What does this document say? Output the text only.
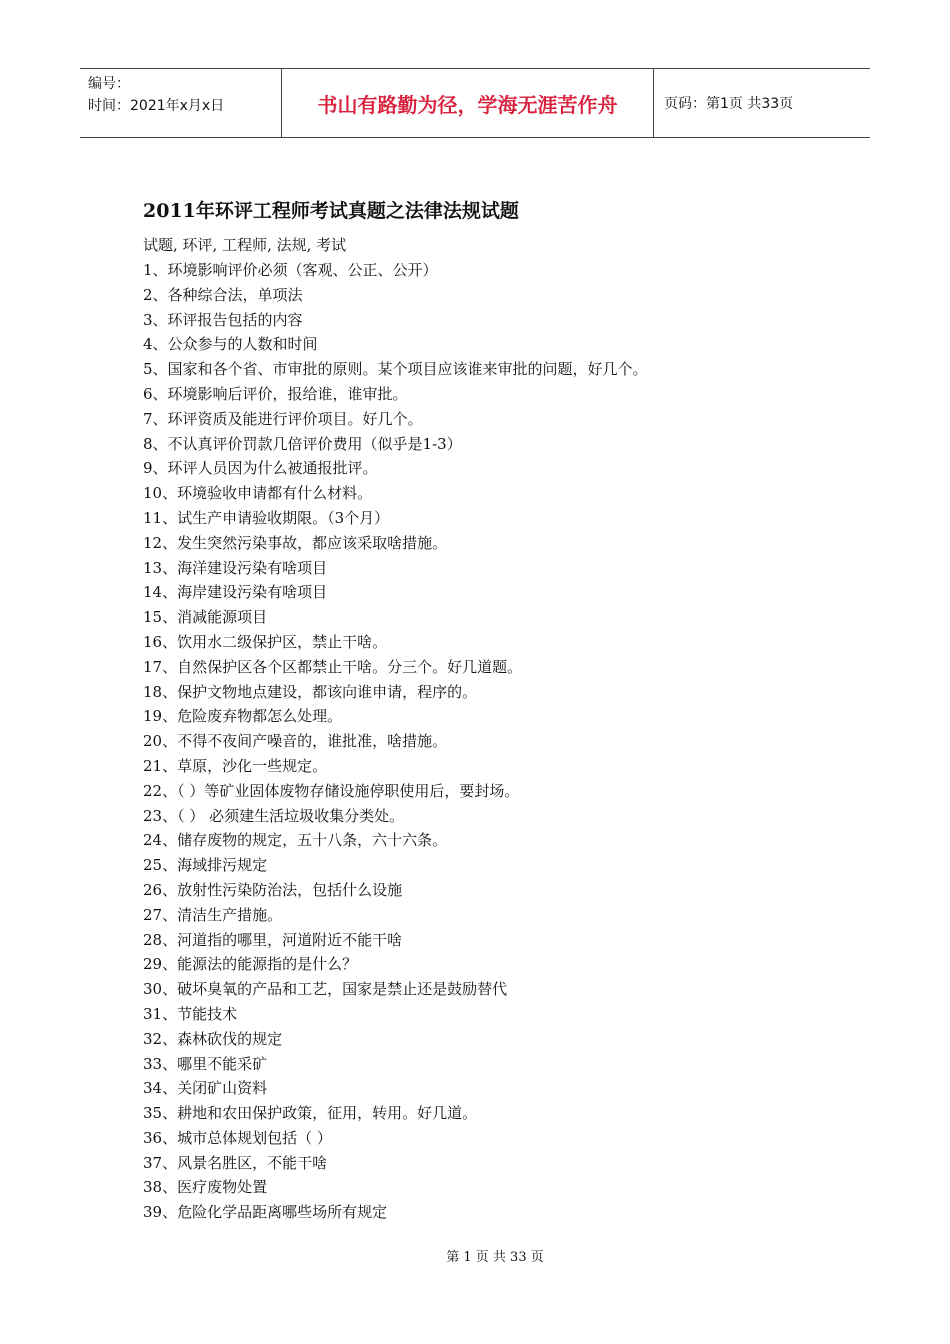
编号：
时间：2021年x月x日	书山有路勤为径，学海无涯苦作舟	页码：第1页 共33页
2011年环评工程师考试真题之法律法规试题
试题, 环评, 工程师, 法规, 考试
1、环境影响评价必须（客观、公正、公开）
2、各种综合法，单项法
3、环评报告包括的内容
4、公众参与的人数和时间
5、国家和各个省、市审批的原则。某个项目应该谁来审批的问题，好几个。
6、环境影响后评价，报给谁，谁审批。
7、环评资质及能进行评价项目。好几个。
8、不认真评价罚款几倍评价费用（似乎是1-3）
9、环评人员因为什么被通报批评。
10、环境验收申请都有什么材料。
11、试生产申请验收期限。（3个月）
12、发生突然污染事故，都应该采取啥措施。
13、海洋建设污染有啥项目
14、海岸建设污染有啥项目
15、消减能源项目
16、饮用水二级保护区，禁止干啥。
17、自然保护区各个区都禁止干啥。分三个。好几道题。
18、保护文物地点建设，都该向谁申请，程序的。
19、危险废弃物都怎么处理。
20、不得不夜间产噪音的，谁批准，啥措施。
21、草原，沙化一些规定。
22、（ ）等矿业固体废物存储设施停职使用后，要封场。
23、（ ） 必须建生活垃圾收集分类处。
24、储存废物的规定，五十八条，六十六条。
25、海域排污规定
26、放射性污染防治法，包括什么设施
27、清洁生产措施。
28、河道指的哪里，河道附近不能干啥
29、能源法的能源指的是什么？
30、破坏臭氧的产品和工艺，国家是禁止还是鼓励替代
31、节能技术
32、森林砍伐的规定
33、哪里不能采矿
34、关闭矿山资料
35、耕地和农田保护政策，征用，转用。好几道。
36、城市总体规划包括（ ）
37、风景名胜区，不能干啥
38、医疗废物处置
39、危险化学品距离哪些场所有规定
第 1 页 共 33 页
